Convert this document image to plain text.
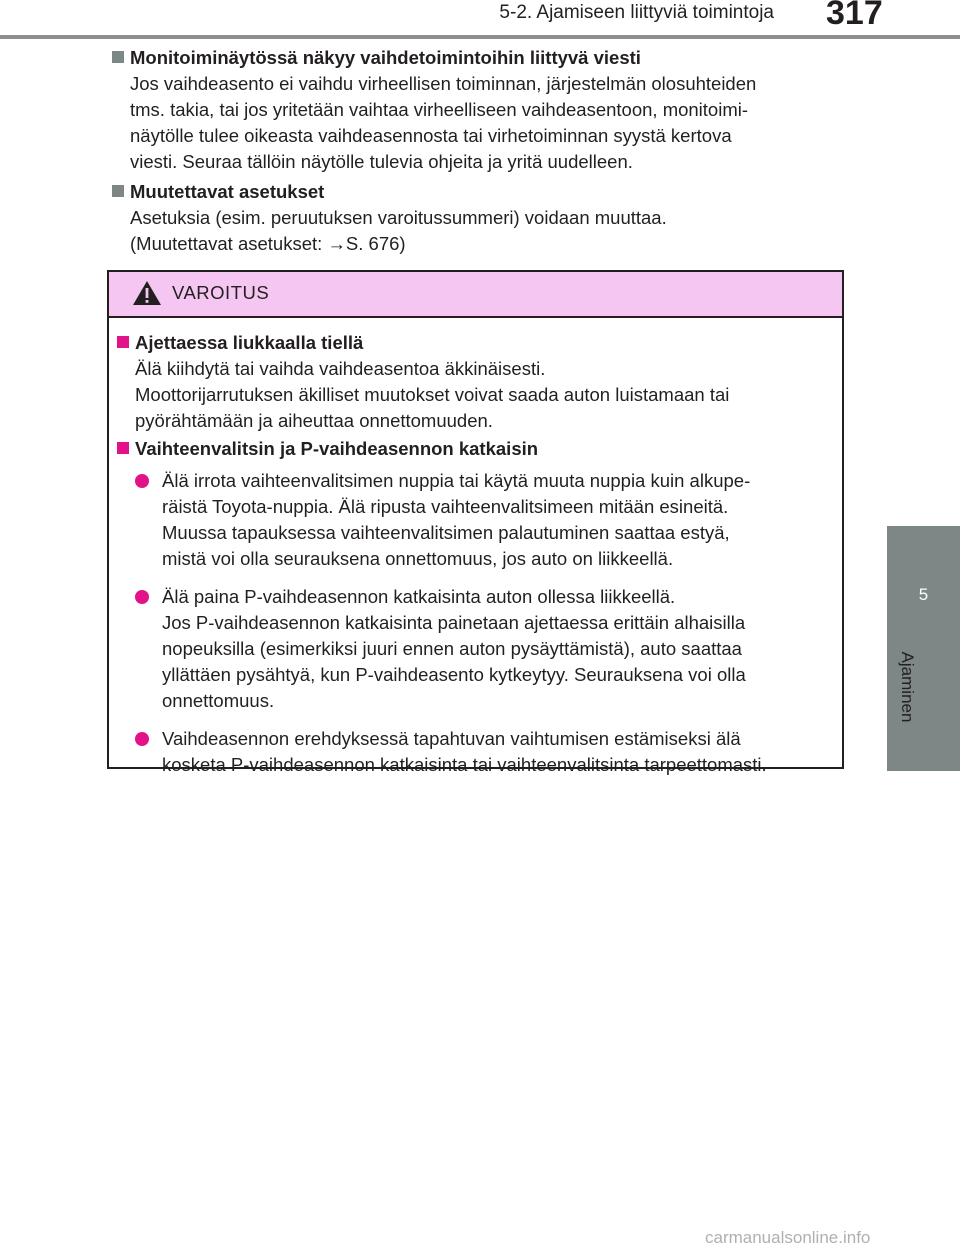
5-2. Ajamiseen liittyviä toimintoja 317
5
Ajaminen
Monitoiminäytössä näkyy vaihdetoimintoihin liittyvä viesti
Jos vaihdeasento ei vaihdu virheellisen toiminnan, järjestelmän olosuhteiden
tms. takia, tai jos yritetään vaihtaa virheelliseen vaihdeasentoon, monitoimi-
näytölle tulee oikeasta vaihdeasennosta tai virhetoiminnan syystä kertova
viesti. Seuraa tällöin näytölle tulevia ohjeita ja yritä uudelleen.
Muutettavat asetukset
Asetuksia (esim. peruutuksen varoitussummeri) voidaan muuttaa.
(Muutettavat asetukset: →S. 676)
VAROITUS
Ajettaessa liukkaalla tiellä
Älä kiihdytä tai vaihda vaihdeasentoa äkkinäisesti.
Moottorijarrutuksen äkilliset muutokset voivat saada auton luistamaan tai
pyörähtämään ja aiheuttaa onnettomuuden.
Vaihteenvalitsin ja P-vaihdeasennon katkaisin
Älä irrota vaihteenvalitsimen nuppia tai käytä muuta nuppia kuin alkupe-
räistä Toyota-nuppia. Älä ripusta vaihteenvalitsimeen mitään esineitä.
Muussa tapauksessa vaihteenvalitsimen palautuminen saattaa estyä,
mistä voi olla seurauksena onnettomuus, jos auto on liikkeellä.
Älä paina P-vaihdeasennon katkaisinta auton ollessa liikkeellä.
Jos P-vaihdeasennon katkaisinta painetaan ajettaessa erittäin alhaisilla
nopeuksilla (esimerkiksi juuri ennen auton pysäyttämistä), auto saattaa
yllättäen pysähtyä, kun P-vaihdeasento kytkeytyy. Seurauksena voi olla
onnettomuus.
Vaihdeasennon erehdyksessä tapahtuvan vaihtumisen estämiseksi älä
kosketa P-vaihdeasennon katkaisinta tai vaihteenvalitsinta tarpeettomasti.
carmanualsonline.info
